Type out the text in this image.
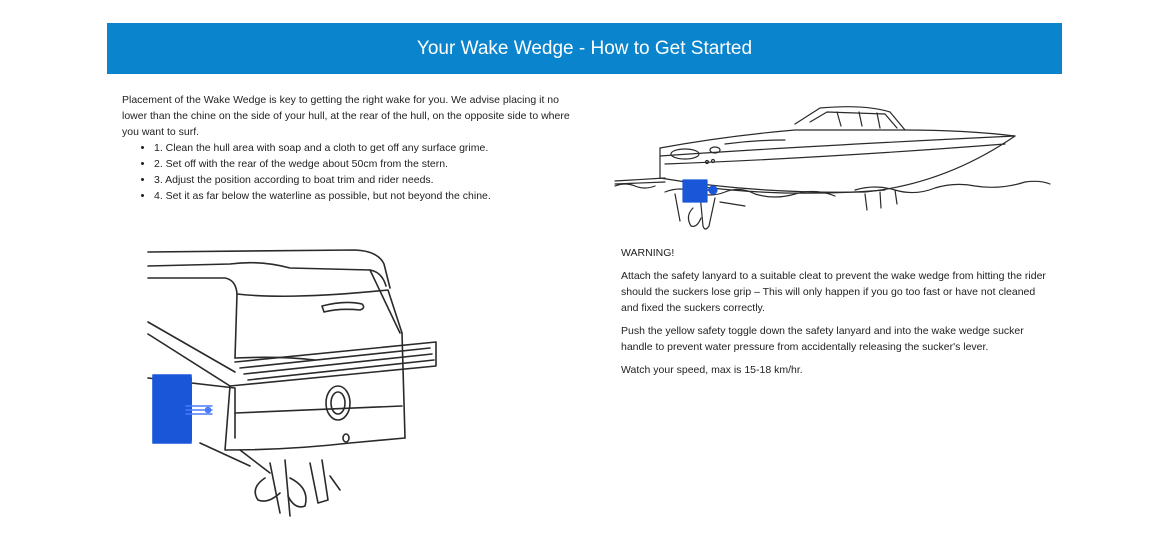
Your Wake Wedge - How to Get Started

Placement of the Wake Wedge is key to getting the right wake for you. We advise placing it no lower than the chine on the side of your hull, at the rear of the hull, on the opposite side to where you want to surf.

• 1. Clean the hull area with soap and a cloth to get off any surface grime.
• 2. Set off with the rear of the wedge about 50cm from the stern.
• 3. Adjust the position according to boat trim and rider needs.
• 4. Set it as far below the waterline as possible, but not beyond the chine.

WARNING!

Attach the safety lanyard to a suitable cleat to prevent the wake wedge from hitting the rider should the suckers lose grip – This will only happen if you go too fast or have not cleaned and fixed the suckers correctly.

Push the yellow safety toggle down the safety lanyard and into the wake wedge sucker handle to prevent water pressure from accidentally releasing the sucker's lever.

Watch your speed, max is 15-18 km/hr.
